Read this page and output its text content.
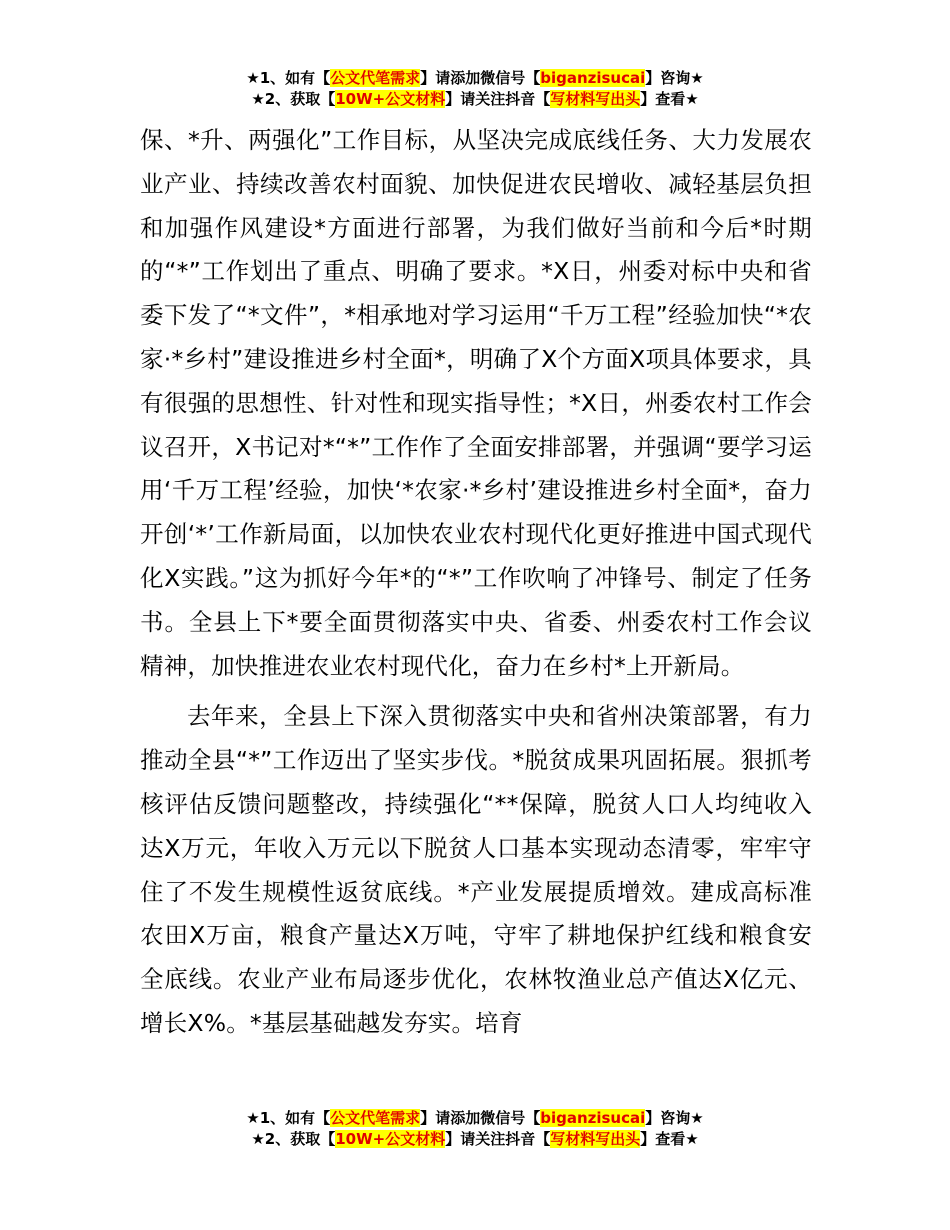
★1、如有【公文代笔需求】请添加微信号【biganzisucai】咨询★
★2、获取【10W+公文材料】请关注抖音【写材料写出头】查看★

保、*升、两强化”工作目标，从坚决完成底线任务、大力发展农业产业、持续改善农村面貌、加快促进农民增收、减轻基层负担和加强作风建设*方面进行部署，为我们做好当前和今后*时期的“*”工作划出了重点、明确了要求。*X日，州委对标中央和省委下发了“*文件”，*相承地对学习运用“千万工程”经验加快“*农家·*乡村”建设推进乡村全面*，明确了X个方面X项具体要求，具有很强的思想性、针对性和现实指导性；*X日，州委农村工作会议召开，X书记对*“*”工作作了全面安排部署，并强调“要学习运用‘千万工程’经验，加快‘*农家·*乡村’建设推进乡村全面*，奋力开创‘*’工作新局面，以加快农业农村现代化更好推进中国式现代化X实践。”这为抓好今年*的“*”工作吹响了冲锋号、制定了任务书。全县上下*要全面贯彻落实中央、省委、州委农村工作会议精神，加快推进农业农村现代化，奋力在乡村*上开新局。

去年来，全县上下深入贯彻落实中央和省州决策部署，有力推动全县“*”工作迈出了坚实步伐。*脱贫成果巩固拓展。狠抓考核评估反馈问题整改，持续强化“**保障，脱贫人口人均纯收入达X万元，年收入万元以下脱贫人口基本实现动态清零，牢牢守住了不发生规模性返贫底线。*产业发展提质增效。建成高标准农田X万亩，粮食产量达X万吨，守牢了耕地保护红线和粮食安全底线。农业产业布局逐步优化，农林牧渔业总产值达X亿元、增长X%。*基层基础越发夯实。培育

★1、如有【公文代笔需求】请添加微信号【biganzisucai】咨询★
★2、获取【10W+公文材料】请关注抖音【写材料写出头】查看★
